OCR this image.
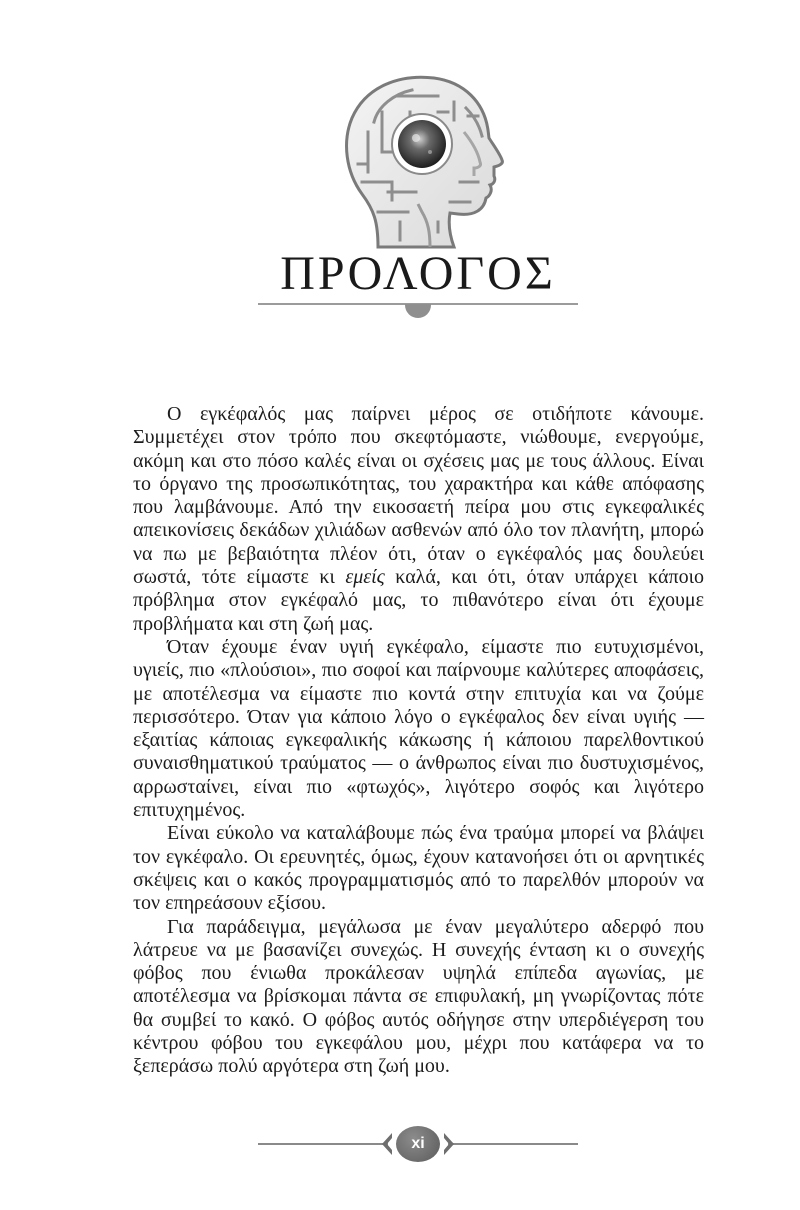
ΠΡΟΛΟΓΟΣ

Ο εγκέφαλός μας παίρνει μέρος σε οτιδήποτε κάνουμε. Συμμετέχει στον τρόπο που σκεφτόμαστε, νιώθουμε, ενεργούμε, ακόμη και στο πόσο καλές είναι οι σχέσεις μας με τους άλλους. Είναι το όργανο της προσωπικότητας, του χαρακτήρα και κάθε απόφασης που λαμβάνουμε. Από την εικοσαετή πείρα μου στις εγκεφαλικές απεικονίσεις δεκάδων χιλιάδων ασθενών από όλο τον πλανήτη, μπορώ να πω με βεβαιότητα πλέον ότι, όταν ο εγκέφαλός μας δουλεύει σωστά, τότε είμαστε κι εμείς καλά, και ότι, όταν υπάρχει κάποιο πρόβλημα στον εγκέφαλό μας, το πιθανότερο είναι ότι έχουμε προβλήματα και στη ζωή μας.

Όταν έχουμε έναν υγιή εγκέφαλο, είμαστε πιο ευτυχισμένοι, υγιείς, πιο «πλούσιοι», πιο σοφοί και παίρνουμε καλύτερες αποφάσεις, με αποτέλεσμα να είμαστε πιο κοντά στην επιτυχία και να ζούμε περισσότερο. Όταν για κάποιο λόγο ο εγκέφαλος δεν είναι υγιής — εξαιτίας κάποιας εγκεφαλικής κάκωσης ή κάποιου παρελθοντικού συναισθηματικού τραύματος — ο άνθρωπος είναι πιο δυστυχισμένος, αρρωσταίνει, είναι πιο «φτωχός», λιγότερο σοφός και λιγότερο επιτυχημένος.

Είναι εύκολο να καταλάβουμε πώς ένα τραύμα μπορεί να βλάψει τον εγκέφαλο. Οι ερευνητές, όμως, έχουν κατανοήσει ότι οι αρνητικές σκέψεις και ο κακός προγραμματισμός από το παρελθόν μπορούν να τον επηρεάσουν εξίσου.

Για παράδειγμα, μεγάλωσα με έναν μεγαλύτερο αδερφό που λάτρευε να με βασανίζει συνεχώς. Η συνεχής ένταση κι ο συνεχής φόβος που ένιωθα προκάλεσαν υψηλά επίπεδα αγωνίας, με αποτέλεσμα να βρίσκομαι πάντα σε επιφυλακή, μη γνωρίζοντας πότε θα συμβεί το κακό. Ο φόβος αυτός οδήγησε στην υπερδιέγερση του κέντρου φόβου του εγκεφάλου μου, μέχρι που κατάφερα να το ξεπεράσω πολύ αργότερα στη ζωή μου.

xi
